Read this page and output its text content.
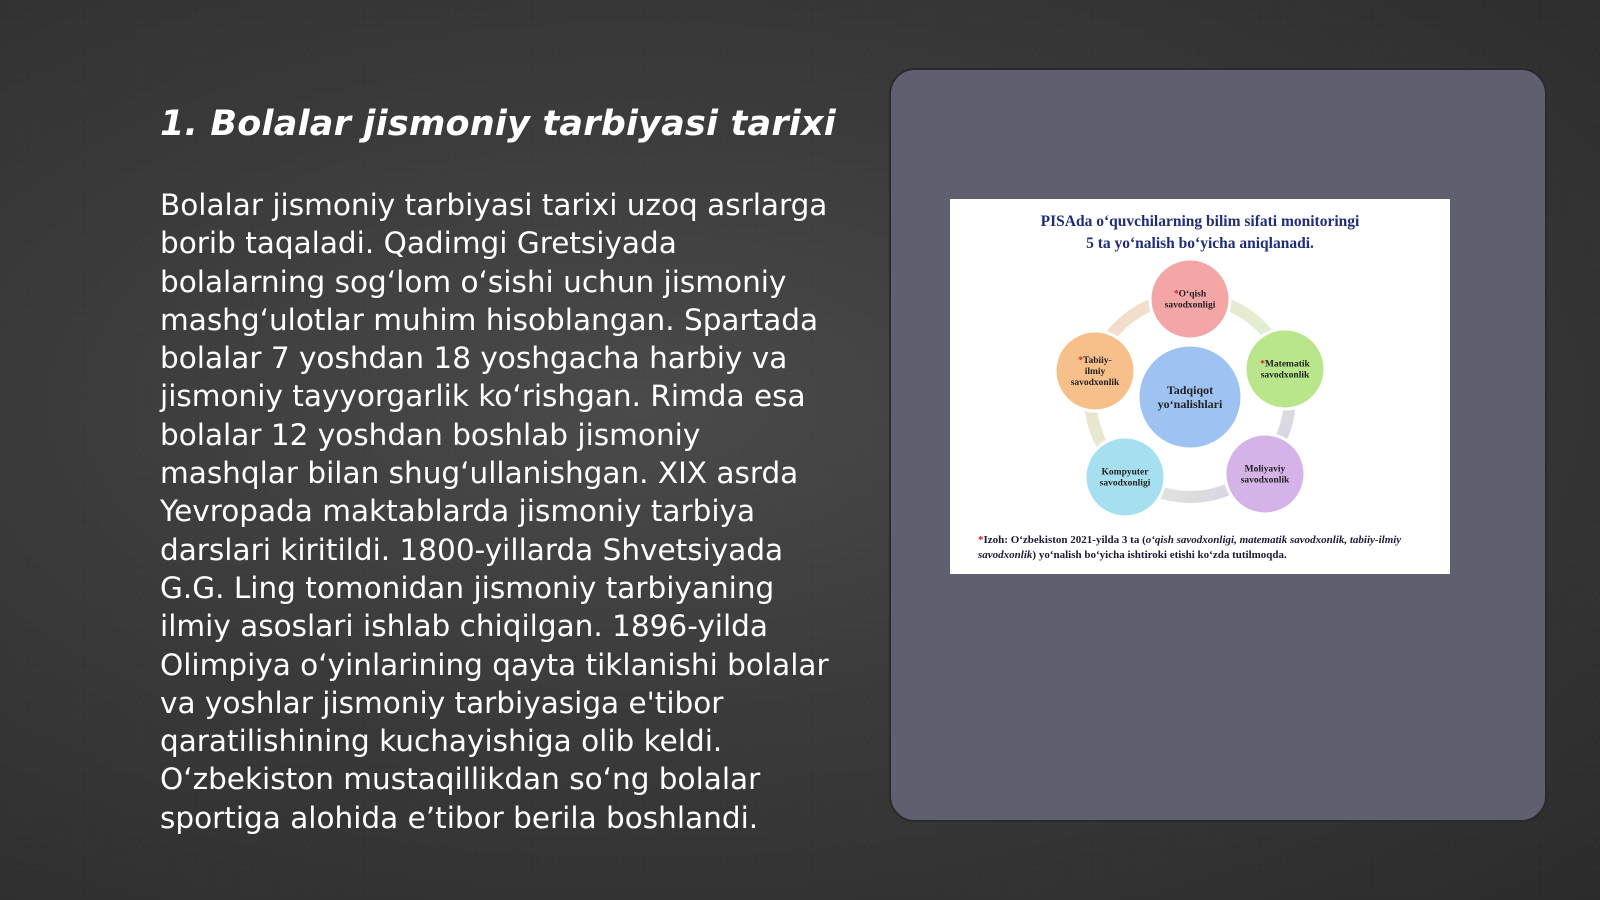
1. Bolalar jismoniy tarbiyasi tarixi

Bolalar jismoniy tarbiyasi tarixi uzoq asrlarga borib taqaladi. Qadimgi Gretsiyada bolalarning sog‘lom o‘sishi uchun jismoniy mashg‘ulotlar muhim hisoblangan. Spartada bolalar 7 yoshdan 18 yoshgacha harbiy va jismoniy tayyorgarlik ko‘rishgan. Rimda esa bolalar 12 yoshdan boshlab jismoniy mashqlar bilan shug‘ullanishgan. XIX asrda Yevropada maktablarda jismoniy tarbiya darslari kiritildi. 1800-yillarda Shvetsiyada G.G. Ling tomonidan jismoniy tarbiyaning ilmiy asoslari ishlab chiqilgan. 1896-yilda Olimpiya o‘yinlarining qayta tiklanishi bolalar va yoshlar jismoniy tarbiyasiga e'tibor qaratilishining kuchayishiga olib keldi. O‘zbekiston mustaqillikdan so‘ng bolalar sportiga alohida e’tibor berila boshlandi.

PISAda o‘quvchilarning bilim sifati monitoringi
5 ta yo‘nalish bo‘yicha aniqlanadi.
*O‘qish
savodxonligi
*Matematik
savodxonlik
Moliyaviy
savodxonlik
Kompyuter
savodxonligi
*Tabiiy-
ilmiy
savodxonlik	Tadqiqot
yo‘nalishlari
*Izoh: O‘zbekiston 2021-yilda 3 ta (o‘qish savodxonligi, matematik savodxonlik, tabiiy-ilmiy savodxonlik) yo‘nalish bo‘yicha ishtiroki etishi ko‘zda tutilmoqda.
